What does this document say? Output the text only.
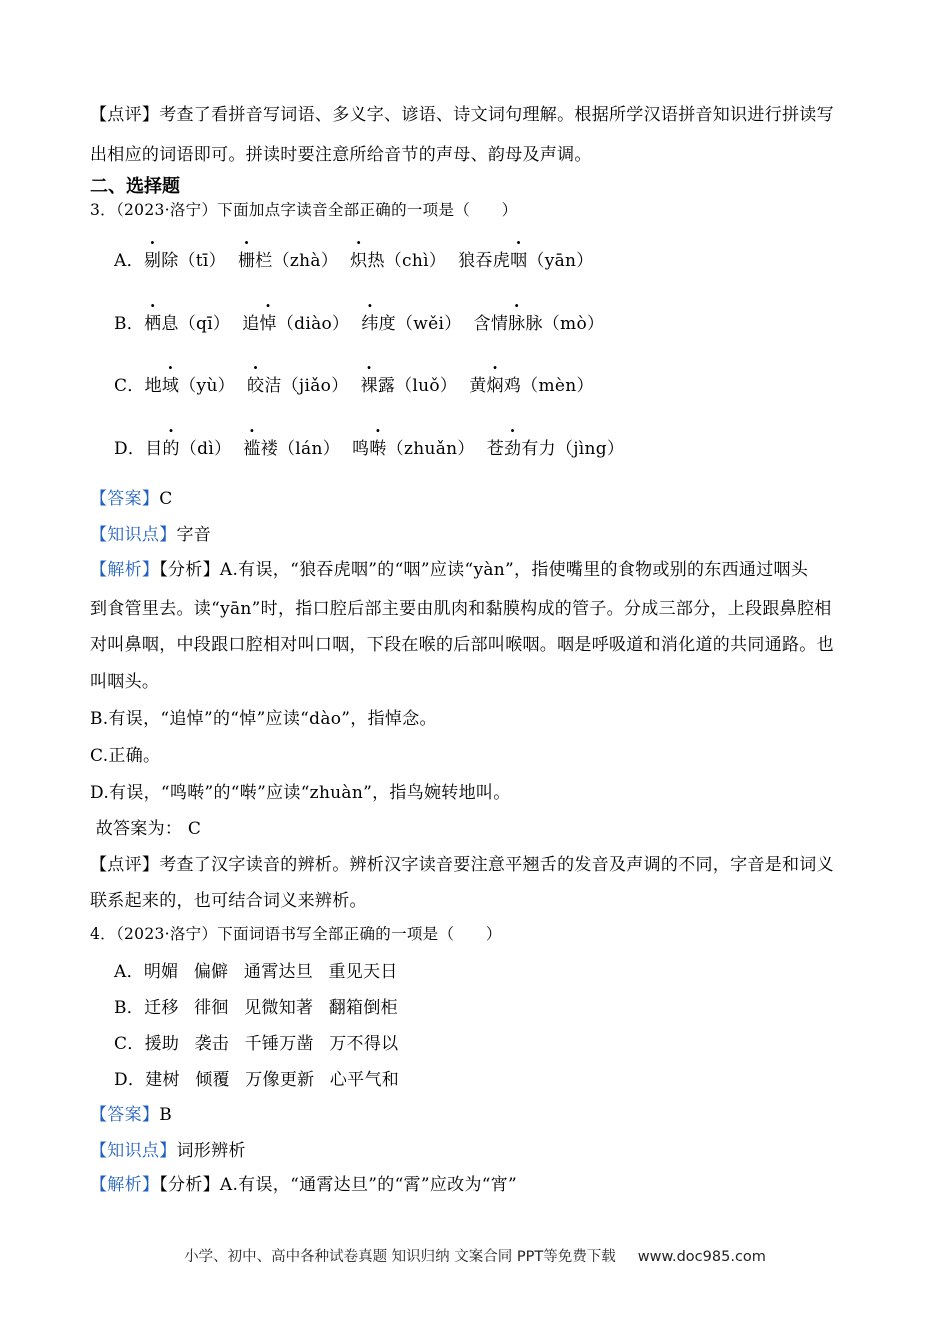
【点评】考查了看拼音写词语、多义字、谚语、诗文词句理解。根据所学汉语拼音知识进行拼读写
出相应的词语即可。拼读时要注意所给音节的声母、韵母及声调。
二、选择题
3．（2023·洛宁）下面加点字读音全部正确的一项是（　　）
A．剔除（tī） 栅栏（zhà） 炽热（chì） 狼吞虎咽（yān）
B．栖息（qī） 追悼（diào） 纬度（wěi） 含情脉脉（mò）
C．地域（yù） 皎洁（jiǎo） 裸露（luǒ） 黄焖鸡（mèn）
D．目的（dì） 褴褛（lán） 鸣啭（zhuǎn） 苍劲有力（jìng）
【答案】C
【知识点】字音
【解析】【分析】A.有误，“狼吞虎咽”的“咽”应读“yàn”，指使嘴里的食物或别的东西通过咽头
到食管里去。读“yān”时，指口腔后部主要由肌肉和黏膜构成的管子。分成三部分，上段跟鼻腔相
对叫鼻咽，中段跟口腔相对叫口咽，下段在喉的后部叫喉咽。咽是呼吸道和消化道的共同通路。也
叫咽头。
B.有误，“追悼”的“悼”应读“dào”，指悼念。
C.正确。
D.有误，“鸣啭”的“啭”应读“zhuàn”，指鸟婉转地叫。
故答案为： C
【点评】考查了汉字读音的辨析。辨析汉字读音要注意平翘舌的发音及声调的不同，字音是和词义
联系起来的，也可结合词义来辨析。
4．（2023·洛宁）下面词语书写全部正确的一项是（　　）
A．明媚  偏僻  通霄达旦  重见天日
B．迁移  徘徊  见微知著  翻箱倒柜
C．援助  袭击  千锤万凿  万不得以
D．建树  倾覆  万像更新  心平气和
【答案】B
【知识点】词形辨析
【解析】【分析】A.有误，“通霄达旦”的“霄”应改为“宵”
小学、初中、高中各种试卷真题 知识归纳 文案合同 PPT等免费下载 www.doc985.com
